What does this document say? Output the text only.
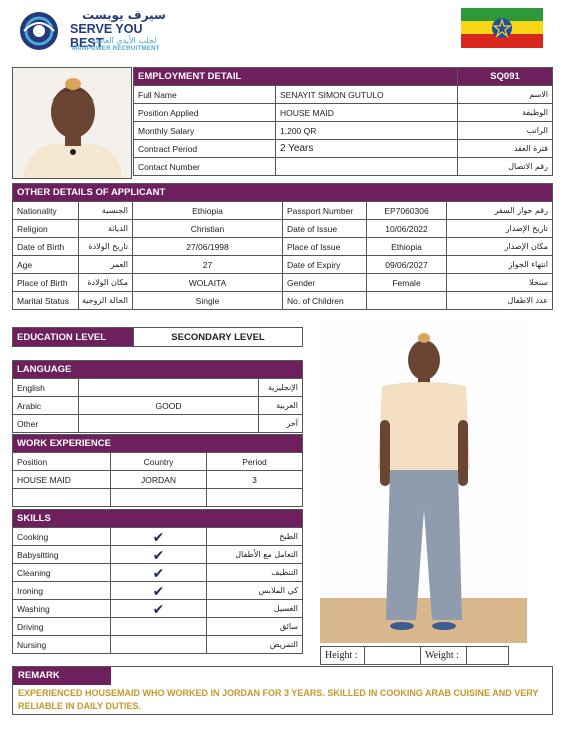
سيرف يوبست
SERVE YOU BEST
لجلب الأيدي العاملة
MANPOWER RECRUITMENT
EMPLOYMENT DETAIL		SQ091
Full Name	SENAYIT SIMON GUTULO	الاسم
Position Applied	HOUSE MAID	الوظيفة
Monthly Salary	1,200 QR	الراتب
Contract Period	2 Years	فترة العقد
Contact Number		رقم الاتصال
OTHER DETAILS OF APPLICANT					
Nationality	الجنسية	Ethiopia	Passport Number	EP7060306	رقم جواز السفر
Religion	الديانة	Christian	Date of Issue	10/06/2022	تاريخ الإصدار
Date of Birth	تاريخ الولادة	27/06/1998	Place of Issue	Ethiopia	مكان الإصدار
Age	العمر	27	Date of Expiry	09/06/2027	انتهاء الجواز
Place of Birth	مكان الولادة	WOLAITA	Gender	Female	سنجلا
Marital Status	الحالة الزوجية	Single	No. of Children		عدد الاطفال
EDUCATION LEVEL	SECONDARY LEVEL
LANGUAGE		
English		الإنجليزية
Arabic	GOOD	العربية
Other		آخر
WORK EXPERIENCE		
Position	Country	Period
HOUSE MAID	JORDAN	3

SKILLS		
Cooking	✔	الطبخ
Babysitting	✔	التعامل مع الأطفال
Cleaning	✔	التنظيف
Ironing	✔	كي الملابس
Washing	✔	الغسيل
Driving		سائق
Nursing		التمريض
Height :		Weight :	
REMARK
EXPERIENCED HOUSEMAID WHO WORKED IN JORDAN FOR 3 YEARS. SKILLED IN COOKING ARAB CUISINE AND VERY RELIABLE IN DAILY DUTIES.
